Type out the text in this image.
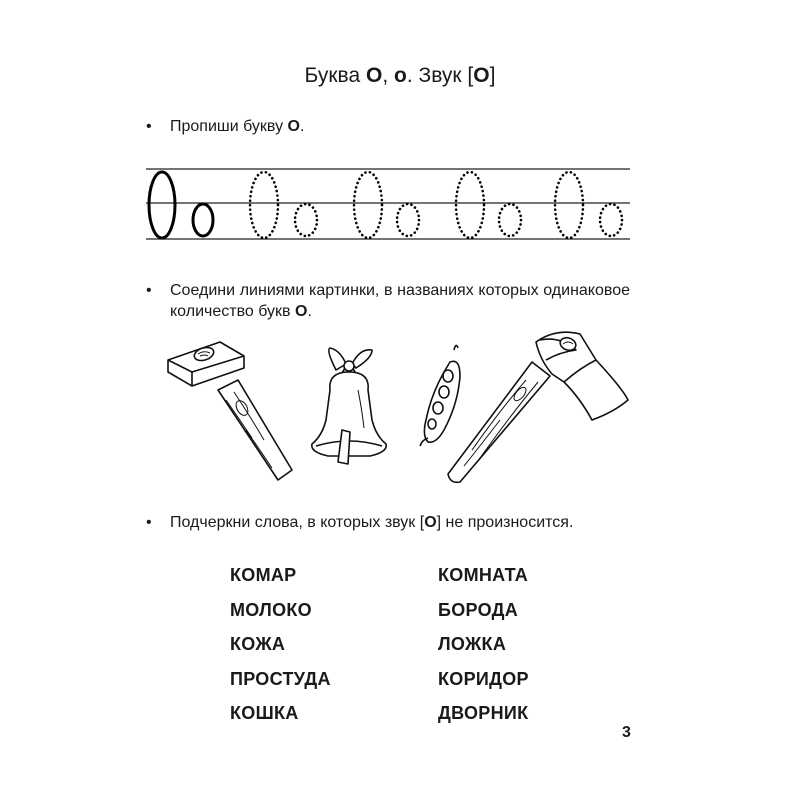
Буква О, о. Звук [О]
• Пропиши букву О.
• Соедини линиями картинки, в названиях которых одинаковое количество букв О.
• Подчеркни слова, в которых звук [О] не произносится.
КОМАР
МОЛОКО
КОЖА
ПРОСТУДА
КОШКА
КОМНАТА
БОРОДА
ЛОЖКА
КОРИДОР
ДВОРНИК
3
